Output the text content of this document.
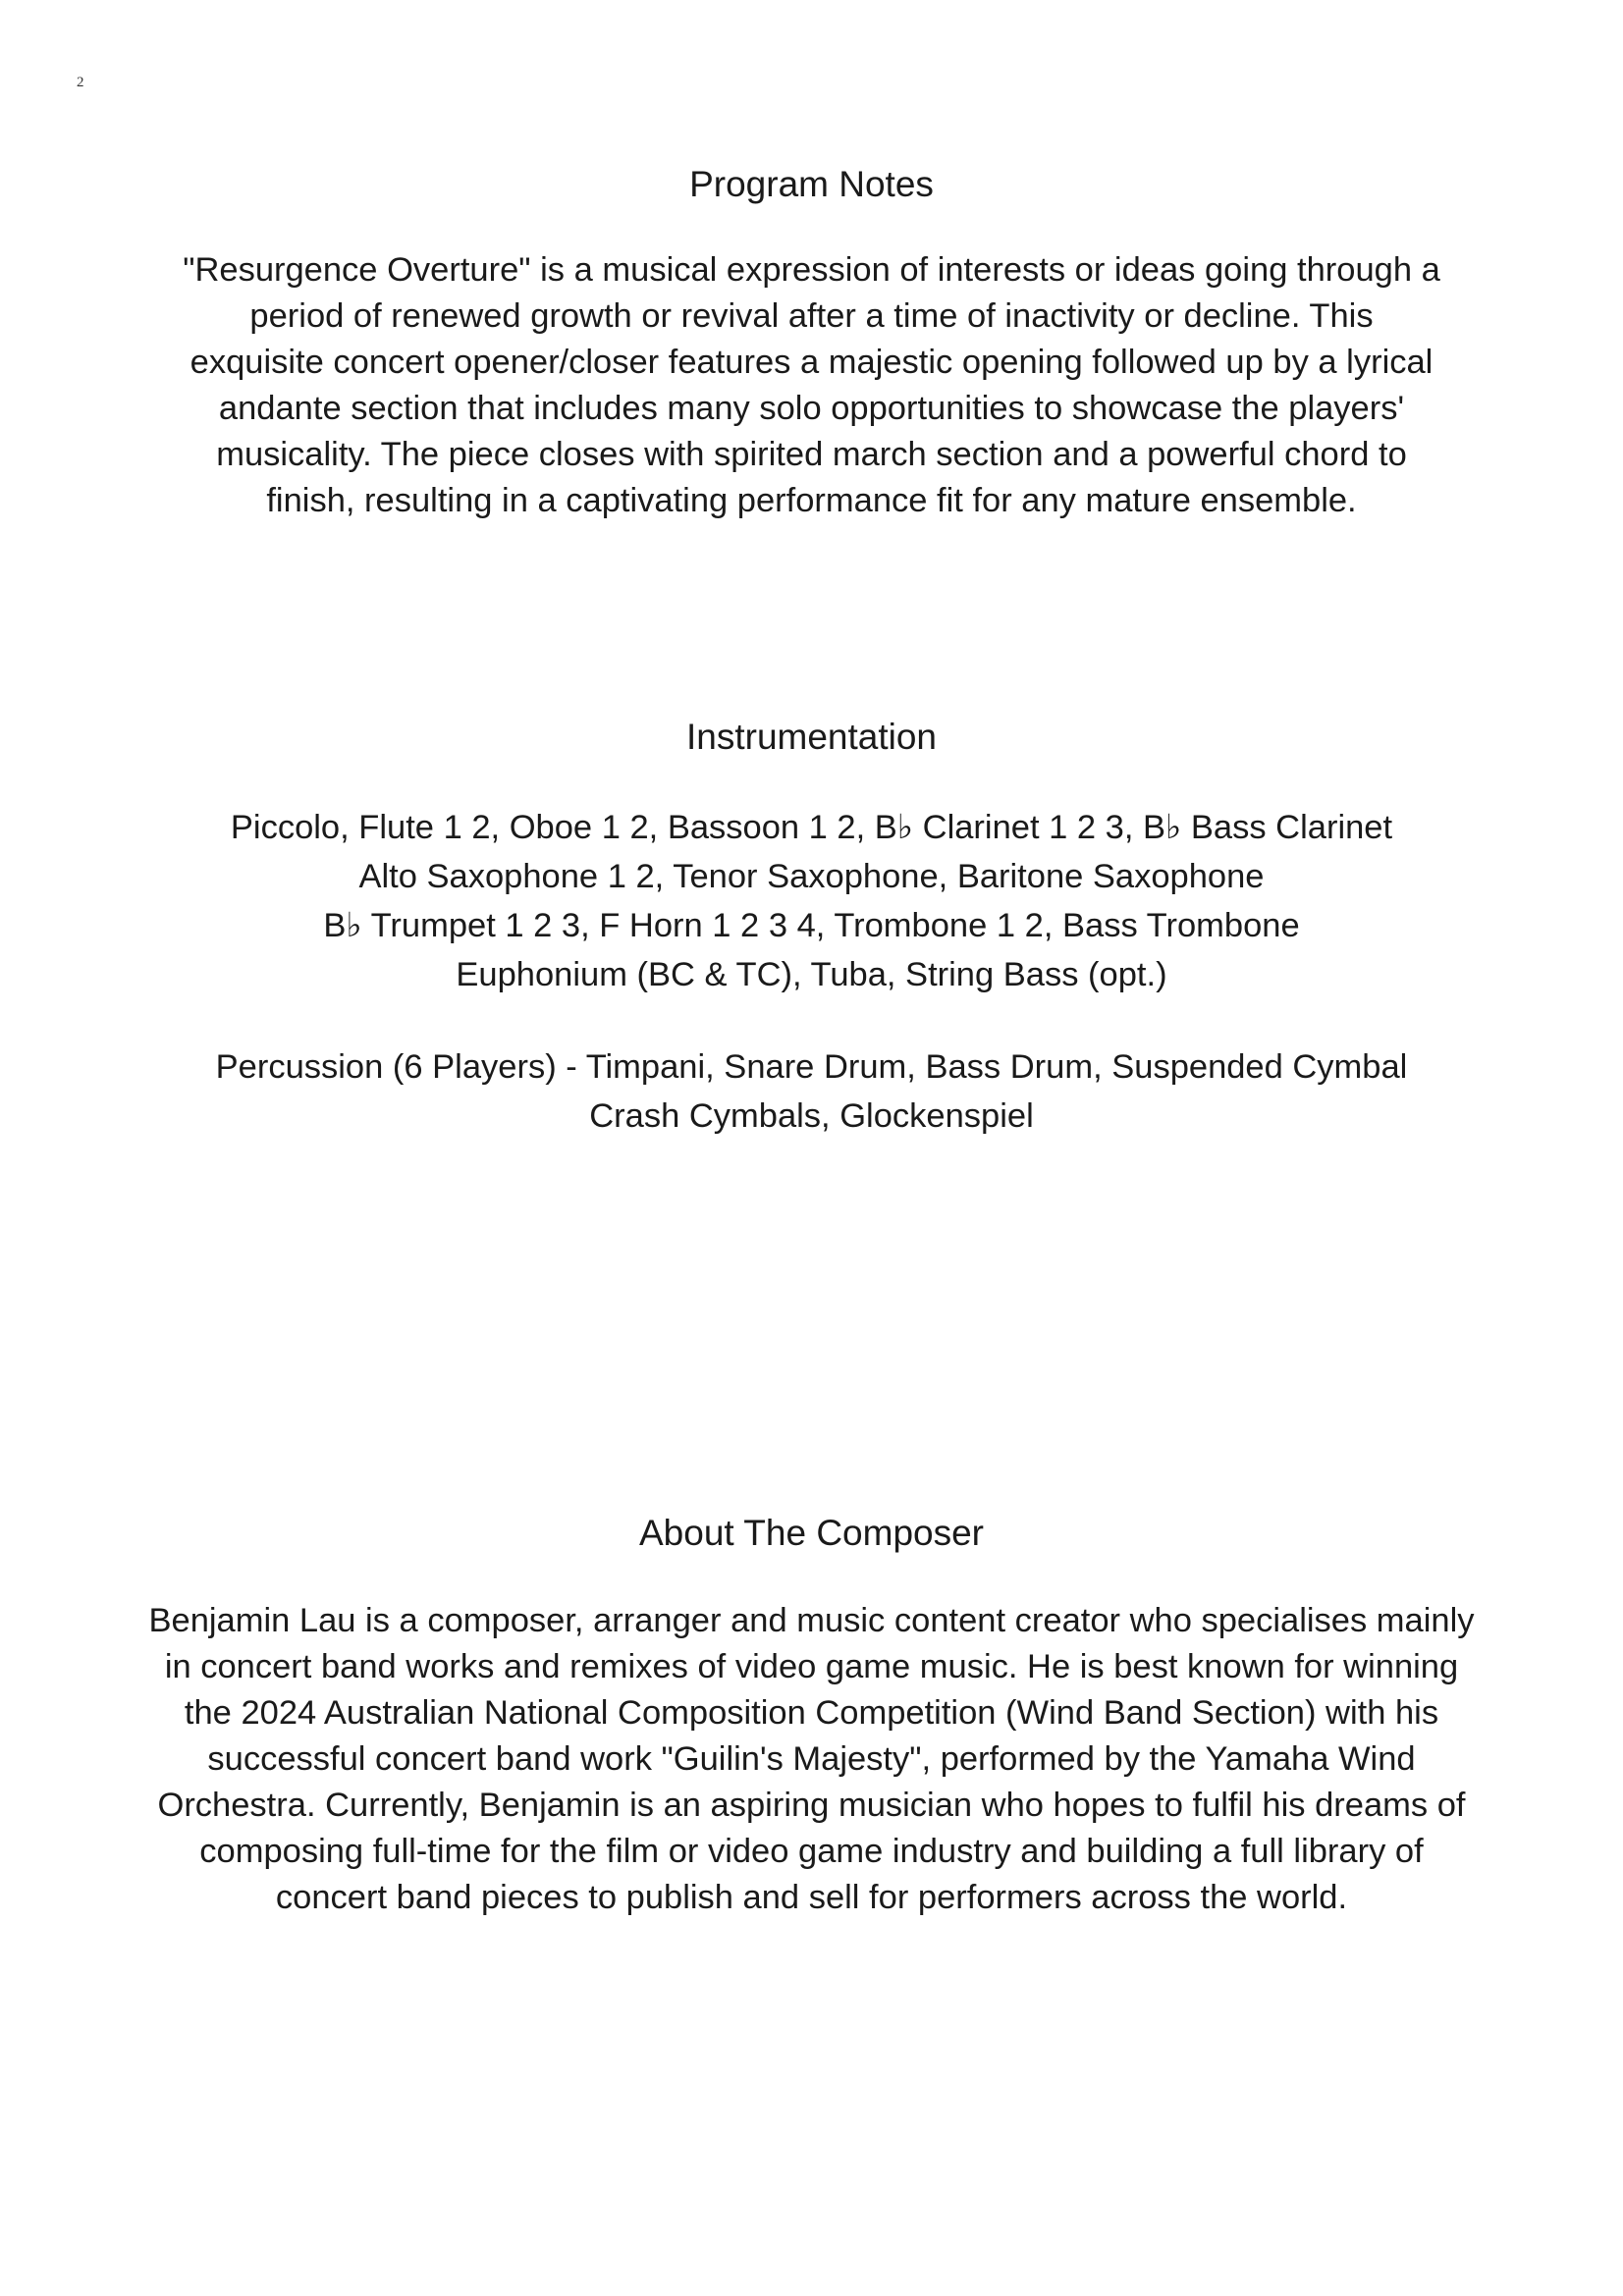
2
Program Notes

"Resurgence Overture" is a musical expression of interests or ideas going through a
period of renewed growth or revival after a time of inactivity or decline. This
exquisite concert opener/closer features a majestic opening followed up by a lyrical
andante section that includes many solo opportunities to showcase the players'
musicality. The piece closes with spirited march section and a powerful chord to
finish, resulting in a captivating performance fit for any mature ensemble.

Instrumentation

Piccolo, Flute 1 2, Oboe 1 2, Bassoon 1 2, B♭ Clarinet 1 2 3, B♭ Bass Clarinet
Alto Saxophone 1 2, Tenor Saxophone, Baritone Saxophone
B♭ Trumpet 1 2 3, F Horn 1 2 3 4, Trombone 1 2, Bass Trombone
Euphonium (BC & TC), Tuba, String Bass (opt.)

Percussion (6 Players) - Timpani, Snare Drum, Bass Drum, Suspended Cymbal
Crash Cymbals, Glockenspiel

About The Composer

Benjamin Lau is a composer, arranger and music content creator who specialises mainly
in concert band works and remixes of video game music. He is best known for winning
the 2024 Australian National Composition Competition (Wind Band Section) with his
successful concert band work "Guilin's Majesty", performed by the Yamaha Wind
Orchestra. Currently, Benjamin is an aspiring musician who hopes to fulfil his dreams of
composing full-time for the film or video game industry and building a full library of
concert band pieces to publish and sell for performers across the world.
